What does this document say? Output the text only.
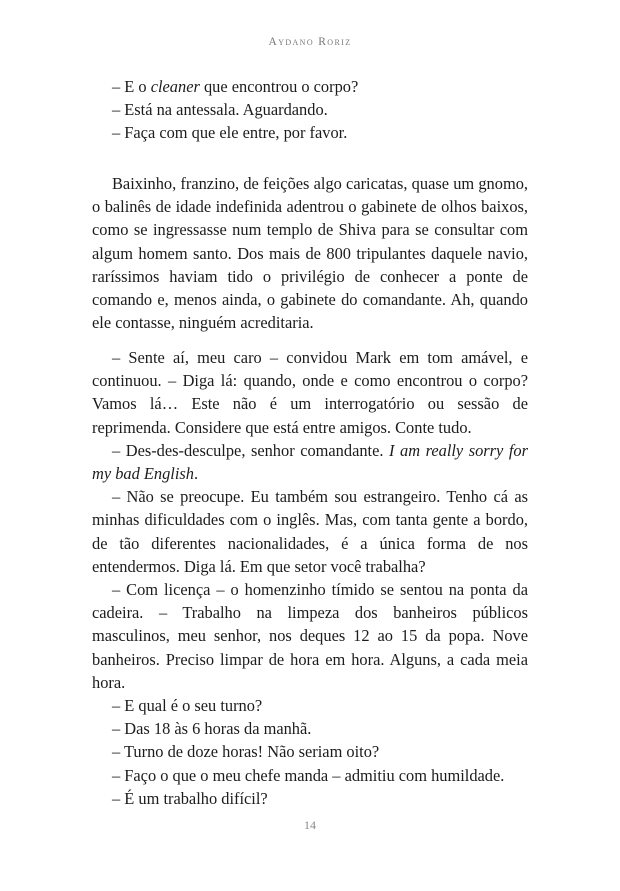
Aydano Roriz

– E o cleaner que encontrou o corpo?

– Está na antessala. Aguardando.

– Faça com que ele entre, por favor.

Baixinho, franzino, de feições algo caricatas, quase um gnomo, o balinês de idade indefinida adentrou o gabinete de olhos baixos, como se ingressasse num templo de Shiva para se consultar com algum homem santo. Dos mais de 800 tripulantes daquele navio, raríssimos haviam tido o privilégio de conhecer a ponte de comando e, menos ainda, o gabinete do comandante. Ah, quando ele contasse, ninguém acreditaria.

– Sente aí, meu caro – convidou Mark em tom amável, e continuou. – Diga lá: quando, onde e como encontrou o corpo? Vamos lá… Este não é um interrogatório ou sessão de reprimenda. Considere que está entre amigos. Conte tudo.

– Des-des-desculpe, senhor comandante. I am really sorry for my bad English.

– Não se preocupe. Eu também sou estrangeiro. Tenho cá as minhas dificuldades com o inglês. Mas, com tanta gente a bordo, de tão diferentes nacionalidades, é a única forma de nos entendermos. Diga lá. Em que setor você trabalha?

– Com licença – o homenzinho tímido se sentou na ponta da cadeira. – Trabalho na limpeza dos banheiros públicos masculinos, meu senhor, nos deques 12 ao 15 da popa. Nove banheiros. Preciso limpar de hora em hora. Alguns, a cada meia hora.

– E qual é o seu turno?

– Das 18 às 6 horas da manhã.

– Turno de doze horas! Não seriam oito?

– Faço o que o meu chefe manda – admitiu com humildade.

– É um trabalho difícil?

14
